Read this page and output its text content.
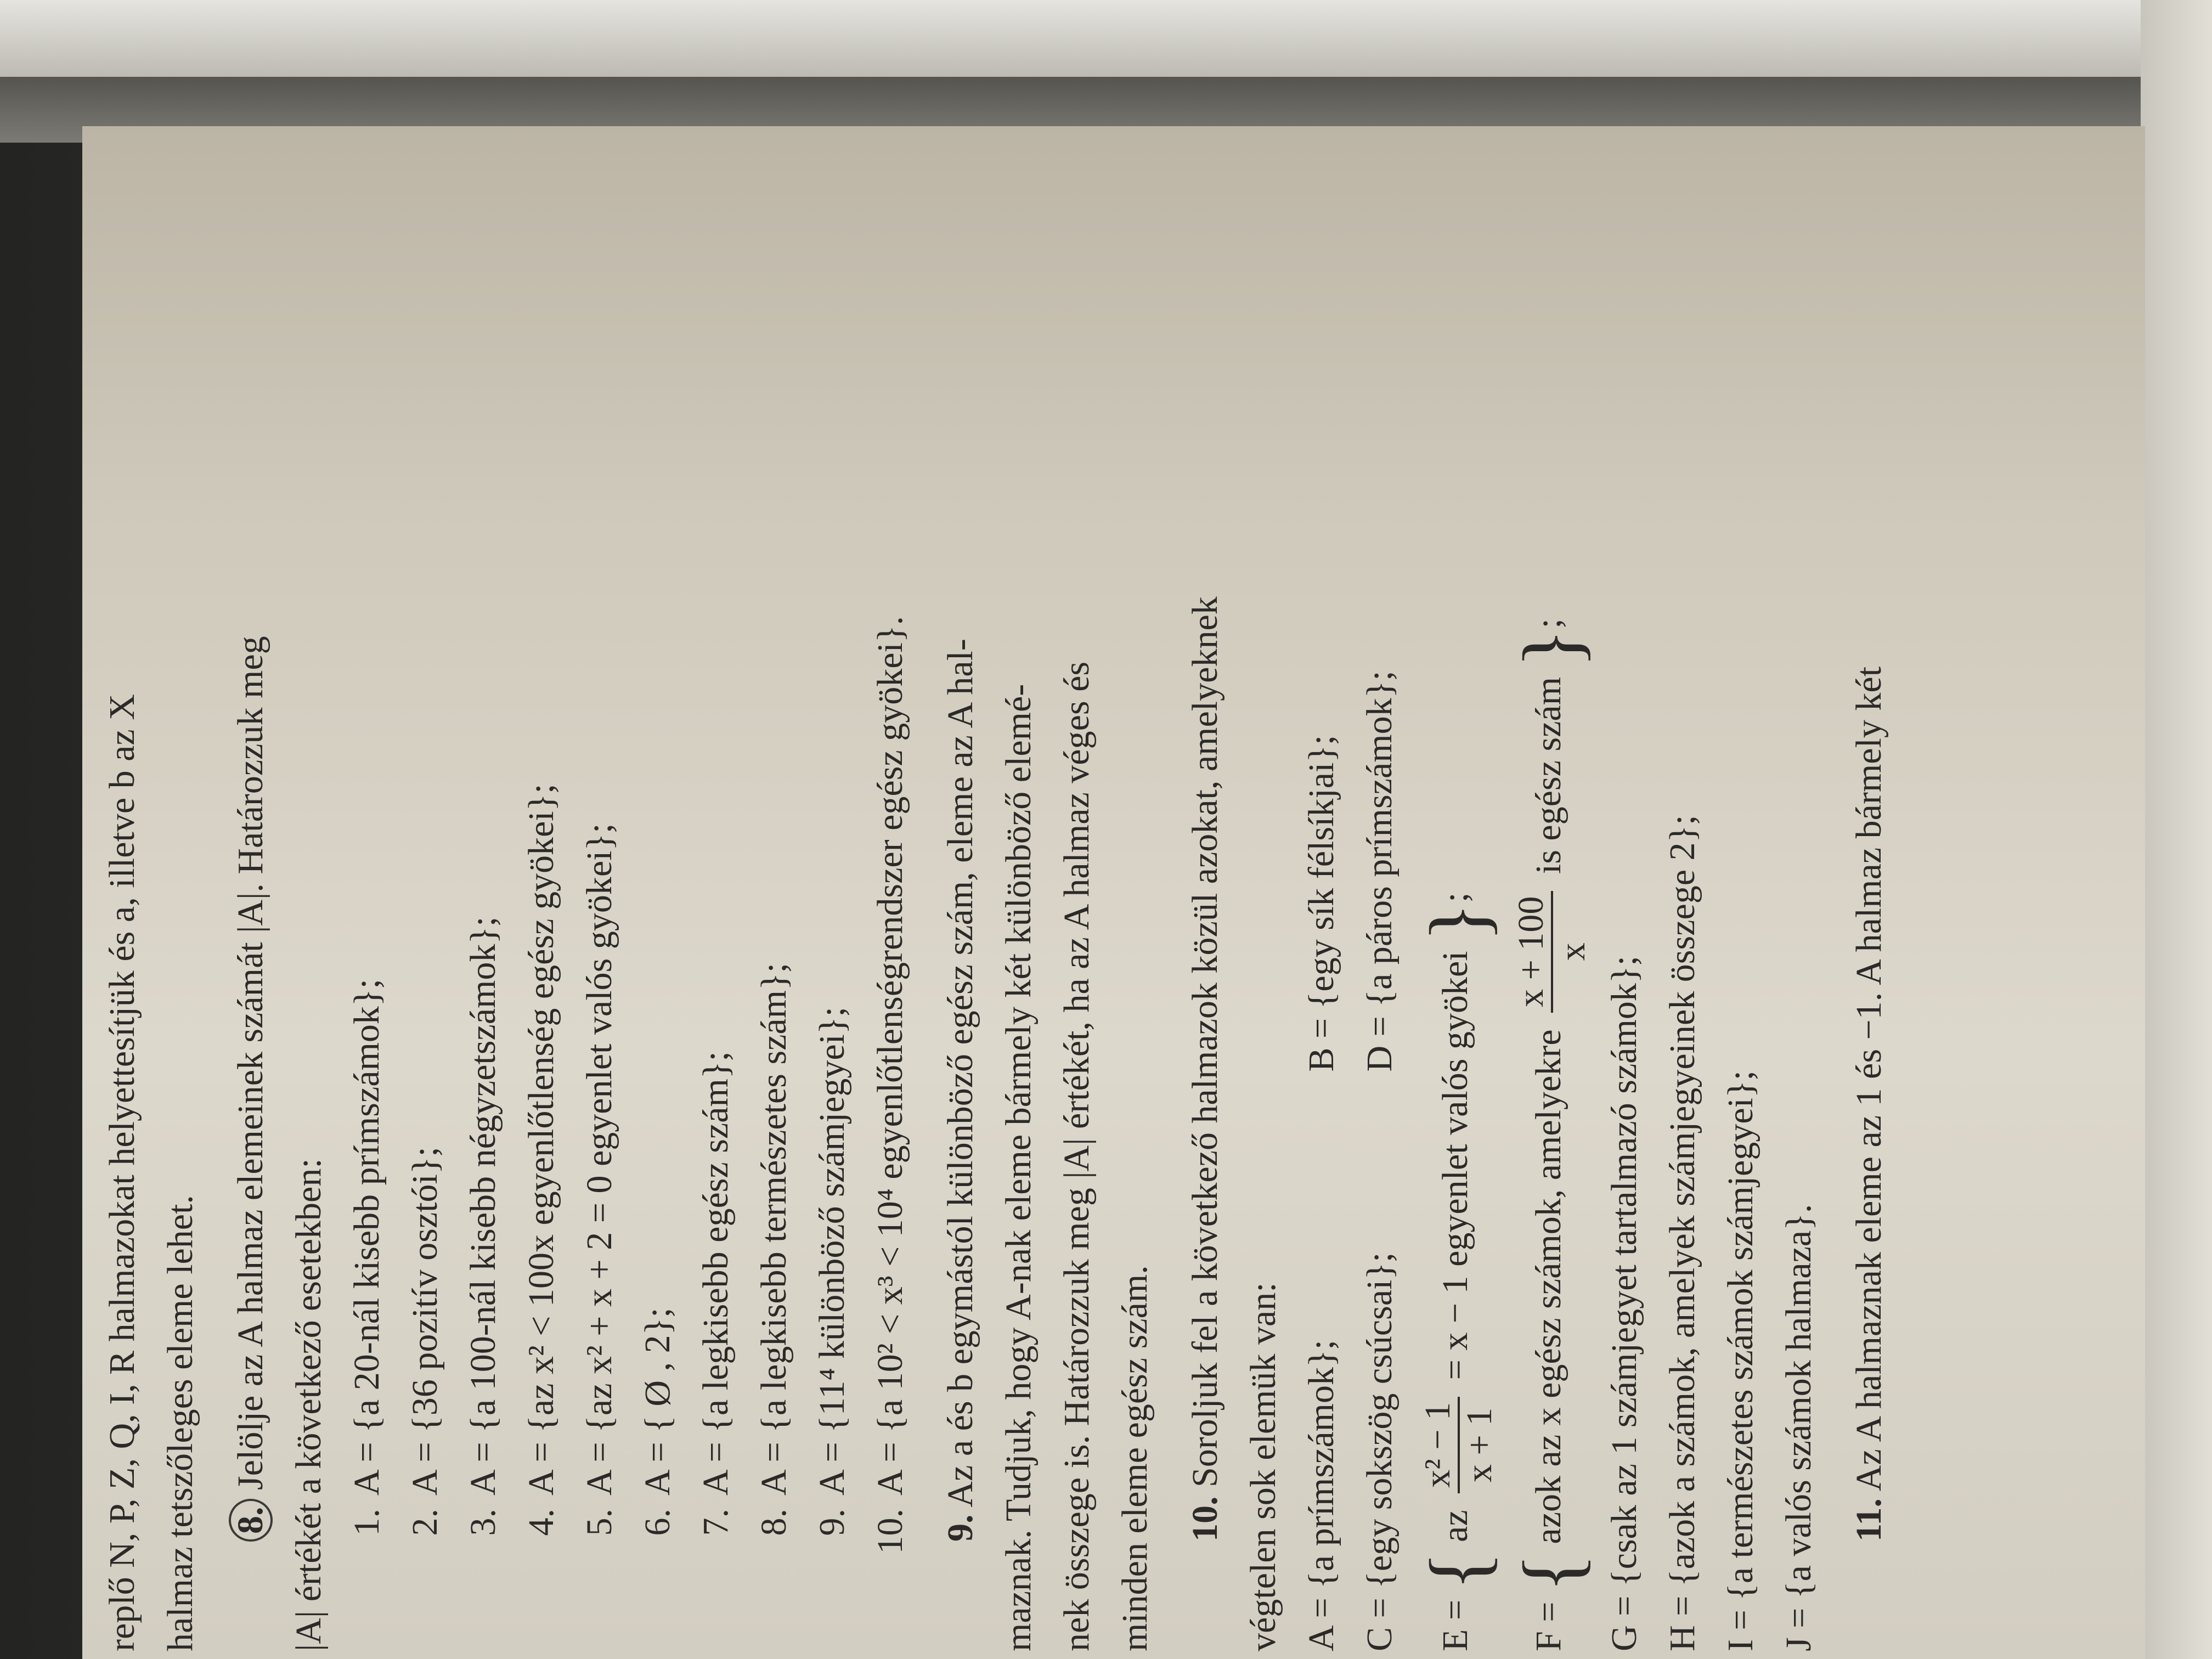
replő N, P, Z, Q, I, R halmazokat helyettesítjük és a, illetve b az X halmaz tetszőleges eleme lehet. 8. Jelölje az A halmaz elemeinek számát |A|. Határozzuk meg |A| értékét a következő esetekben: 1.A = {a 20-nál kisebb prímszámok};
2.A = {36 pozitív osztói};
3.A = {a 100-nál kisebb négyzetszámok};
4.A = {az x² < 100x egyenlőtlenség egész gyökei};
5.A = {az x² + x + 2 = 0 egyenlet valós gyökei};
6.A = { Ø , 2};
7.A = {a legkisebb egész szám};
8.A = {a legkisebb természetes szám};
9.A = {11⁴ különböző számjegyei};
10.A = {a 10² < x³ < 10⁴ egyenlőtlenségrendszer egész gyökei}.

9. Az a és b egymástól különböző egész szám, eleme az A hal- maznak. Tudjuk, hogy A-nak eleme bármely két különböző elemé- nek összege is. Határozzuk meg |A| értékét, ha az A halmaz véges és minden eleme egész szám. 10. Soroljuk fel a következő halmazok közül azokat, amelyeknek végtelen sok elemük van: A = {a prímszámok}; B = {egy sík félsíkjai};
C = {egy sokszög csúcsai}; D = {a páros prímszámok};
E = { az
x² − 1 x + 1
= x − 1 egyenlet valós gyökei };
F = { azok az x egész számok, amelyekre
x + 100 x
is egész szám };

G = {csak az 1 számjegyet tartalmazó számok}; H = {azok a számok, amelyek számjegyeinek összege 2}; I = {a természetes számok számjegyei}; J = {a valós számok halmaza}. 11. Az A halmaznak eleme az 1 és −1. A halmaz bármely két
